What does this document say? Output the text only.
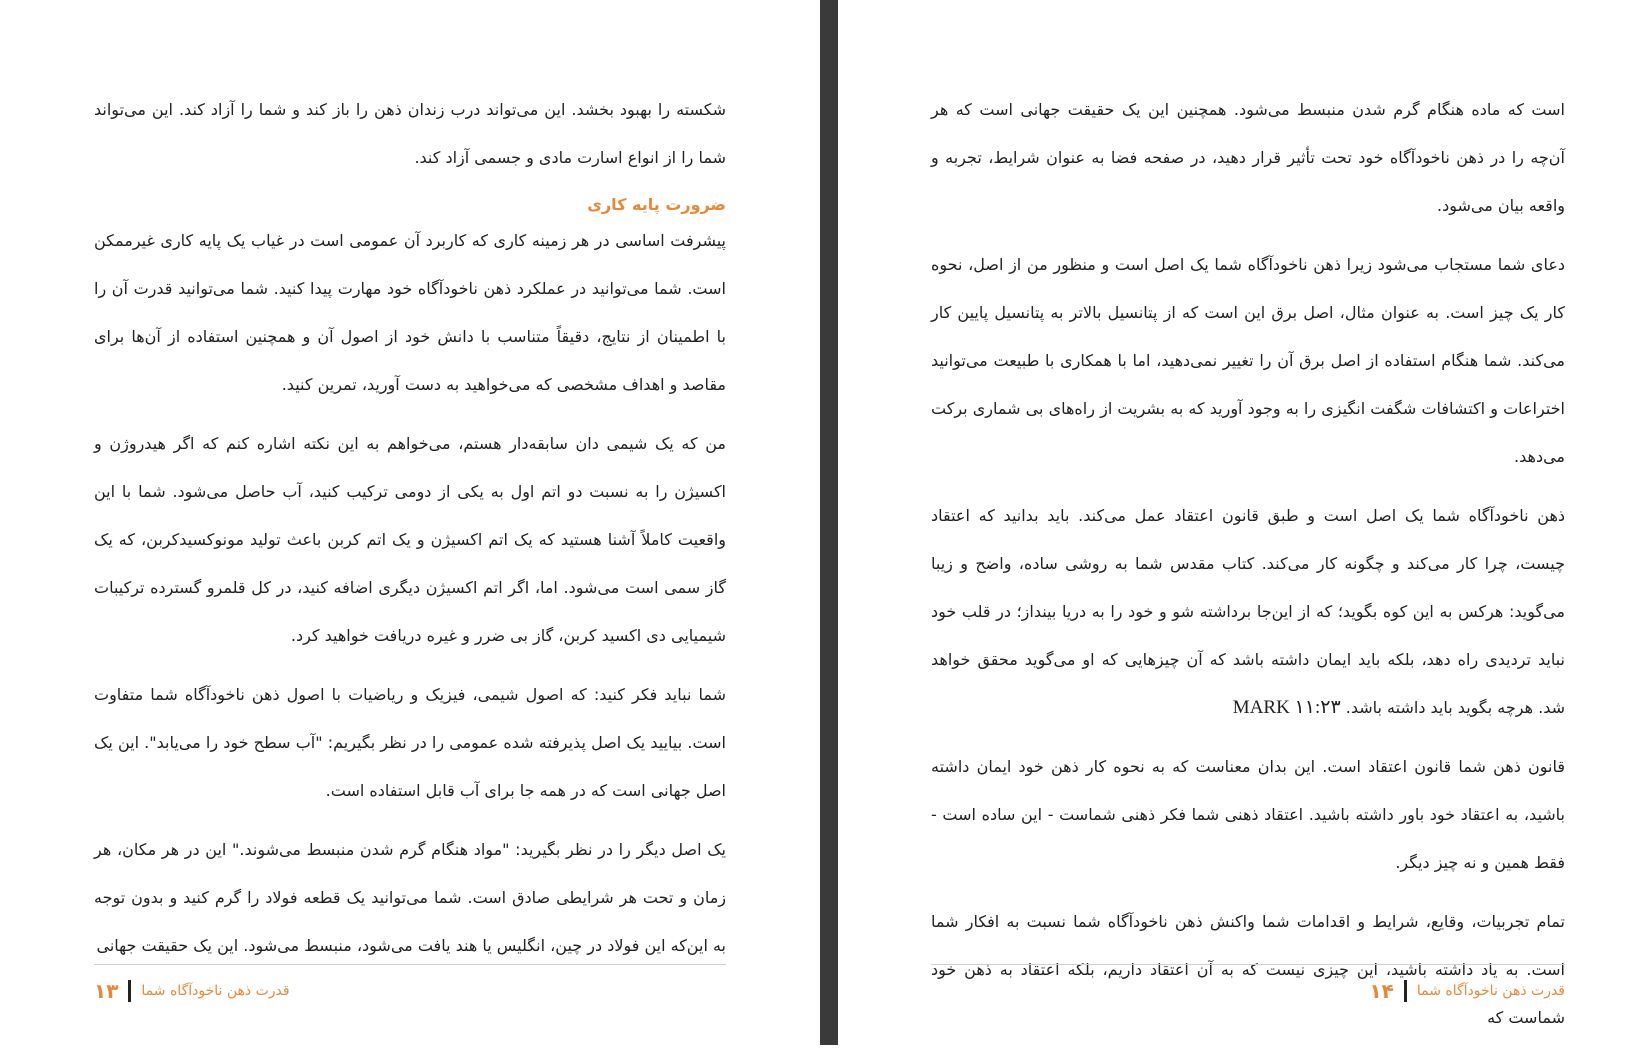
شکسته را بهبود بخشد. این می‌تواند درب زندان ذهن را باز کند و شما را آزاد کند. این می‌تواند شما را از انواع اسارت مادی و جسمی آزاد کند.

ضرورت پایه کاری

پیشرفت اساسی در هر زمینه کاری که کاربرد آن عمومی است در غیاب یک پایه کاری غیرممکن است. شما می‌توانید در عملکرد ذهن ناخودآگاه خود مهارت پیدا کنید. شما می‌توانید قدرت آن را با اطمینان از نتایج، دقیقاً متناسب با دانش خود از اصول آن و همچنین استفاده از آن‌ها برای مقاصد و اهداف مشخصی که می‌خواهید به دست آورید، تمرین کنید.

من که یک شیمی دان سابقه‌دار هستم، می‌خواهم به این نکته اشاره کنم که اگر هیدروژن و اکسیژن را به نسبت دو اتم اول به یکی از دومی ترکیب کنید، آب حاصل می‌شود. شما با این واقعیت کاملاً آشنا هستید که یک اتم اکسیژن و یک اتم کربن باعث تولید مونوکسیدکربن، که یک گاز سمی است می‌شود. اما، اگر اتم اکسیژن دیگری اضافه کنید، در کل قلمرو گسترده ترکیبات شیمیایی دی اکسید کربن، گاز بی ضرر و غیره دریافت خواهید کرد.

شما نباید فکر کنید: که اصول شیمی، فیزیک و ریاضیات با اصول ذهن ناخودآگاه شما متفاوت است. بیایید یک اصل پذیرفته شده عمومی را در نظر بگیریم: "آب سطح خود را می‌یابد". این یک اصل جهانی است که در همه جا برای آب قابل استفاده است.

یک اصل دیگر را در نظر بگیرید: "مواد هنگام گرم شدن منبسط می‌شوند." این در هر مکان، هر زمان و تحت هر شرایطی صادق است. شما می‌توانید یک قطعه فولاد را گرم کنید و بدون توجه به این‌که این فولاد در چین، انگلیس یا هند یافت می‌شود، منبسط می‌شود. این یک حقیقت جهانی

۱۳ قدرت ذهن ناخودآگاه شما

است که ماده هنگام گرم شدن منبسط می‌شود. همچنین این یک حقیقت جهانی است که هر آن‌چه را در ذهن ناخودآگاه خود تحت تأثیر قرار دهید، در صفحه فضا به عنوان شرایط، تجربه و واقعه بیان می‌شود.

دعای شما مستجاب می‌شود زیرا ذهن ناخودآگاه شما یک اصل است و منظور من از اصل، نحوه کار یک چیز است. به عنوان مثال، اصل برق این است که از پتانسیل بالاتر به پتانسیل پایین کار می‌کند. شما هنگام استفاده از اصل برق آن را تغییر نمی‌دهید، اما با همکاری با طبیعت می‌توانید اختراعات و اکتشافات شگفت انگیزی را به وجود آورید که به بشریت از راه‌های بی شماری برکت می‌دهد.

ذهن ناخودآگاه شما یک اصل است و طبق قانون اعتقاد عمل می‌کند. باید بدانید که اعتقاد چیست، چرا کار می‌کند و چگونه کار می‌کند. کتاب مقدس شما به روشی ساده، واضح و زیبا می‌گوید: هرکس به این کوه بگوید؛ که از این‌جا برداشته شو و خود را به دریا بینداز؛ در قلب خود نباید تردیدی راه دهد، بلکه باید ایمان داشته باشد که آن چیزهایی که او می‌گوید محقق خواهد شد. هرچه بگوید باید داشته باشد. MARK ۱۱:۲۳

قانون ذهن شما قانون اعتقاد است. این بدان معناست که به نحوه کار ذهن خود ایمان داشته باشید، به اعتقاد خود باور داشته باشید. اعتقاد ذهنی شما فکر ذهنی شماست - این ساده است - فقط همین و نه چیز دیگر.

تمام تجربیات، وقایع، شرایط و اقدامات شما واکنش ذهن ناخودآگاه شما نسبت به افکار شما است. به یاد داشته باشید، این چیزی نیست که به آن اعتقاد داریم، بلکه اعتقاد به ذهن خود شماست که

۱۴ قدرت ذهن ناخودآگاه شما
